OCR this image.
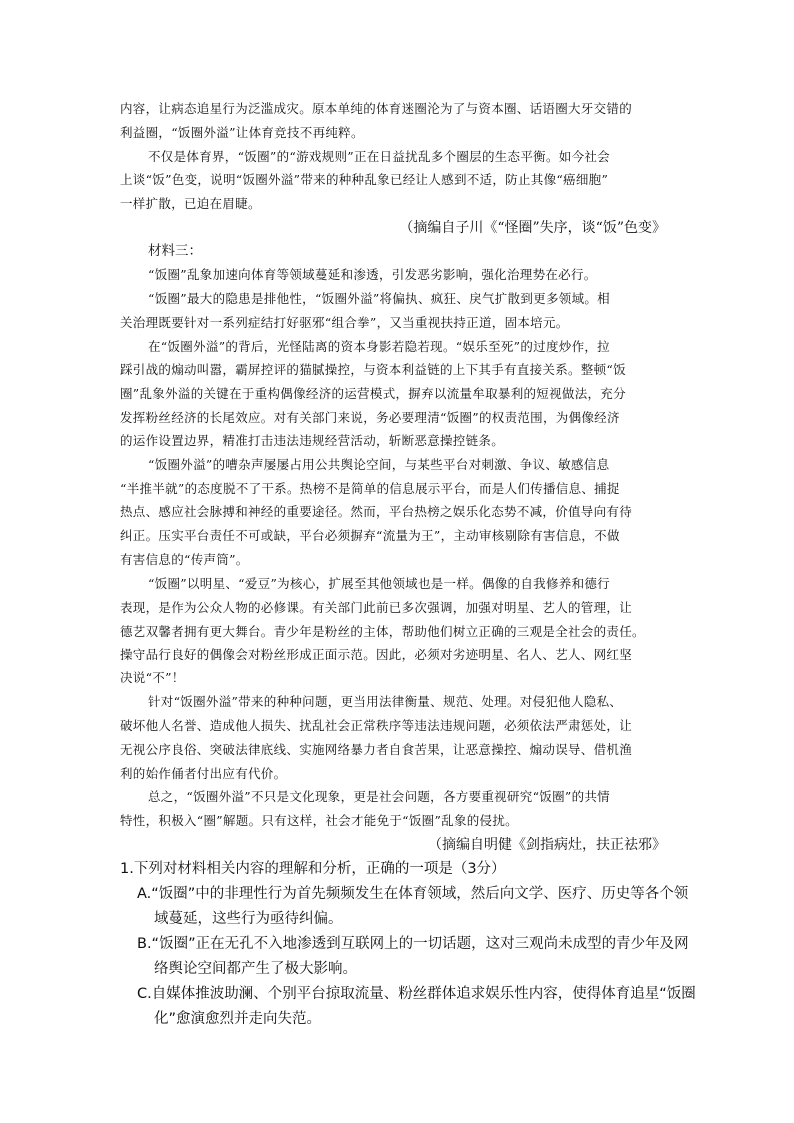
内容，让病态追星行为泛滥成灾。原本单纯的体育迷圈沦为了与资本圈、话语圈大牙交错的
利益圈，“饭圈外溢”让体育竞技不再纯粹。
不仅是体育界，“饭圈”的“游戏规则”正在日益扰乱多个圈层的生态平衡。如今社会
上谈“饭”色变，说明“饭圈外溢”带来的种种乱象已经让人感到不适，防止其像“癌细胞”
一样扩散，已迫在眉睫。
（摘编自子川《“怪圈”失序，谈“饭”色变》
材料三：
“饭圈”乱象加速向体育等领域蔓延和渗透，引发恶劣影响，强化治理势在必行。
“饭圈”最大的隐患是排他性，“饭圈外溢”将偏执、疯狂、戾气扩散到更多领域。相
关治理既要针对一系列症结打好驱邪“组合拳”，又当重视扶持正道，固本培元。
在“饭圈外溢”的背后，光怪陆离的资本身影若隐若现。“娱乐至死”的过度炒作，拉
踩引战的煽动叫嚣，霸屏控评的猫腻操控，与资本利益链的上下其手有直接关系。整顿“饭
圈”乱象外溢的关键在于重构偶像经济的运营模式，摒弃以流量牟取暴利的短视做法，充分
发挥粉丝经济的长尾效应。对有关部门来说，务必要理清“饭圈”的权责范围，为偶像经济
的运作设置边界，精准打击违法违规经营活动，斩断恶意操控链条。
“饭圈外溢”的嘈杂声屡屡占用公共舆论空间，与某些平台对刺激、争议、敏感信息
“半推半就”的态度脱不了干系。热榜不是简单的信息展示平台，而是人们传播信息、捕捉
热点、感应社会脉搏和神经的重要途径。然而，平台热榜之娱乐化态势不减，价值导向有待
纠正。压实平台责任不可或缺，平台必须摒弃“流量为王”，主动审核剔除有害信息，不做
有害信息的“传声筒”。
“饭圈”以明星、“爱豆”为核心，扩展至其他领域也是一样。偶像的自我修养和德行
表现，是作为公众人物的必修课。有关部门此前已多次强调，加强对明星、艺人的管理，让
德艺双馨者拥有更大舞台。青少年是粉丝的主体，帮助他们树立正确的三观是全社会的责任。
操守品行良好的偶像会对粉丝形成正面示范。因此，必须对劣迹明星、名人、艺人、网红坚
决说“不”！
针对“饭圈外溢”带来的种种问题，更当用法律衡量、规范、处理。对侵犯他人隐私、
破坏他人名誉、造成他人损失、扰乱社会正常秩序等违法违规问题，必须依法严肃惩处，让
无视公序良俗、突破法律底线、实施网络暴力者自食苦果，让恶意操控、煽动误导、借机渔
利的始作俑者付出应有代价。
总之，“饭圈外溢”不只是文化现象，更是社会问题，各方要重视研究“饭圈”的共情
特性，积极入“圈”解题。只有这样，社会才能免于“饭圈”乱象的侵扰。
（摘编自明健《剑指病灶，扶正祛邪》
1.下列对材料相关内容的理解和分析，正确的一项是（3分）
A.“饭圈”中的非理性行为首先频频发生在体育领域，然后向文学、医疗、历史等各个领
域蔓延，这些行为亟待纠偏。
B.“饭圈”正在无孔不入地渗透到互联网上的一切话题，这对三观尚未成型的青少年及网
络舆论空间都产生了极大影响。
C.自媒体推波助澜、个别平台掠取流量、粉丝群体追求娱乐性内容，使得体育追星“饭圈
化”愈演愈烈并走向失范。
